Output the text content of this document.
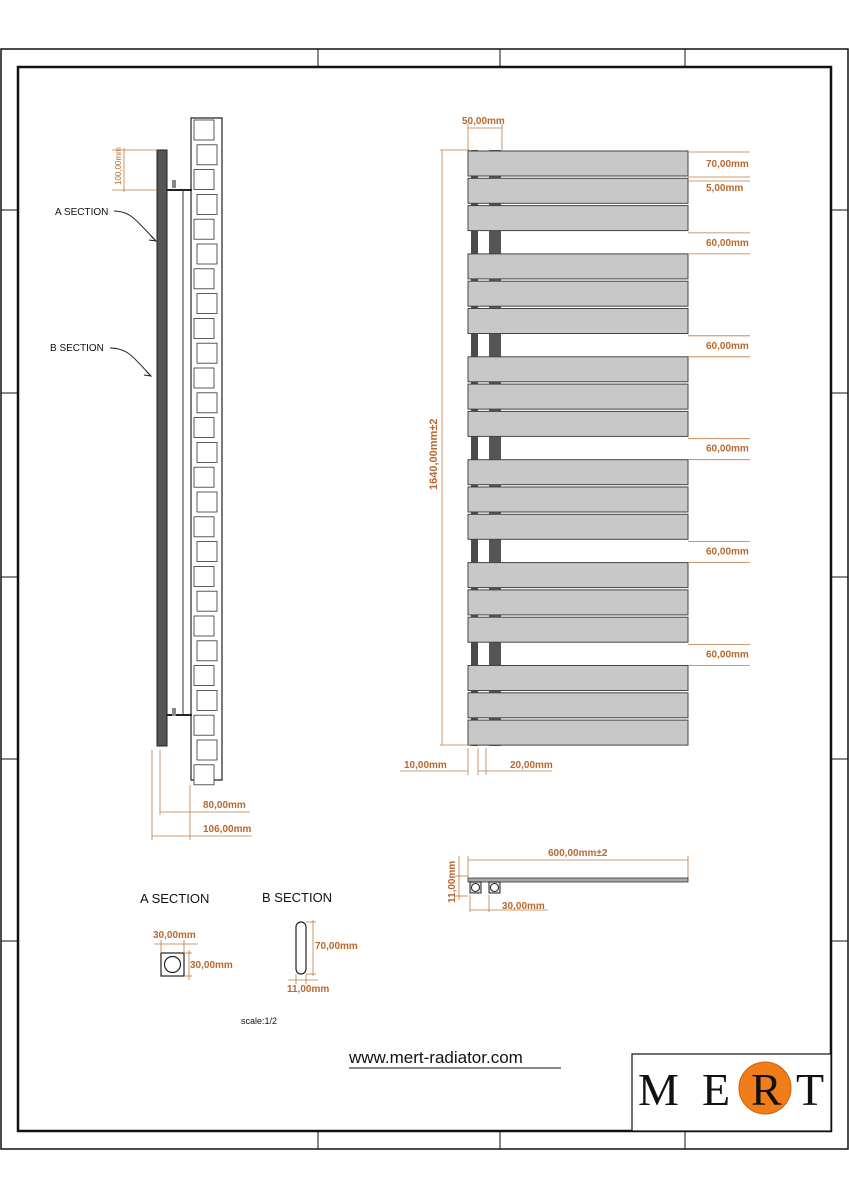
100,00mm
A SECTION
B SECTION
80,00mm
106,00mm
50,00mm
1640,00mm±2
70,00mm
5,00mm
60,00mm
60,00mm
60,00mm
60,00mm
60,00mm
10,00mm	20,00mm
600,00mm±2
11,00mm
30,00mm
A SECTION	B SECTION
30,00mm
30,00mm
70,00mm
11,00mm
scale:1/2
www.mert-radiator.com
M E R T
